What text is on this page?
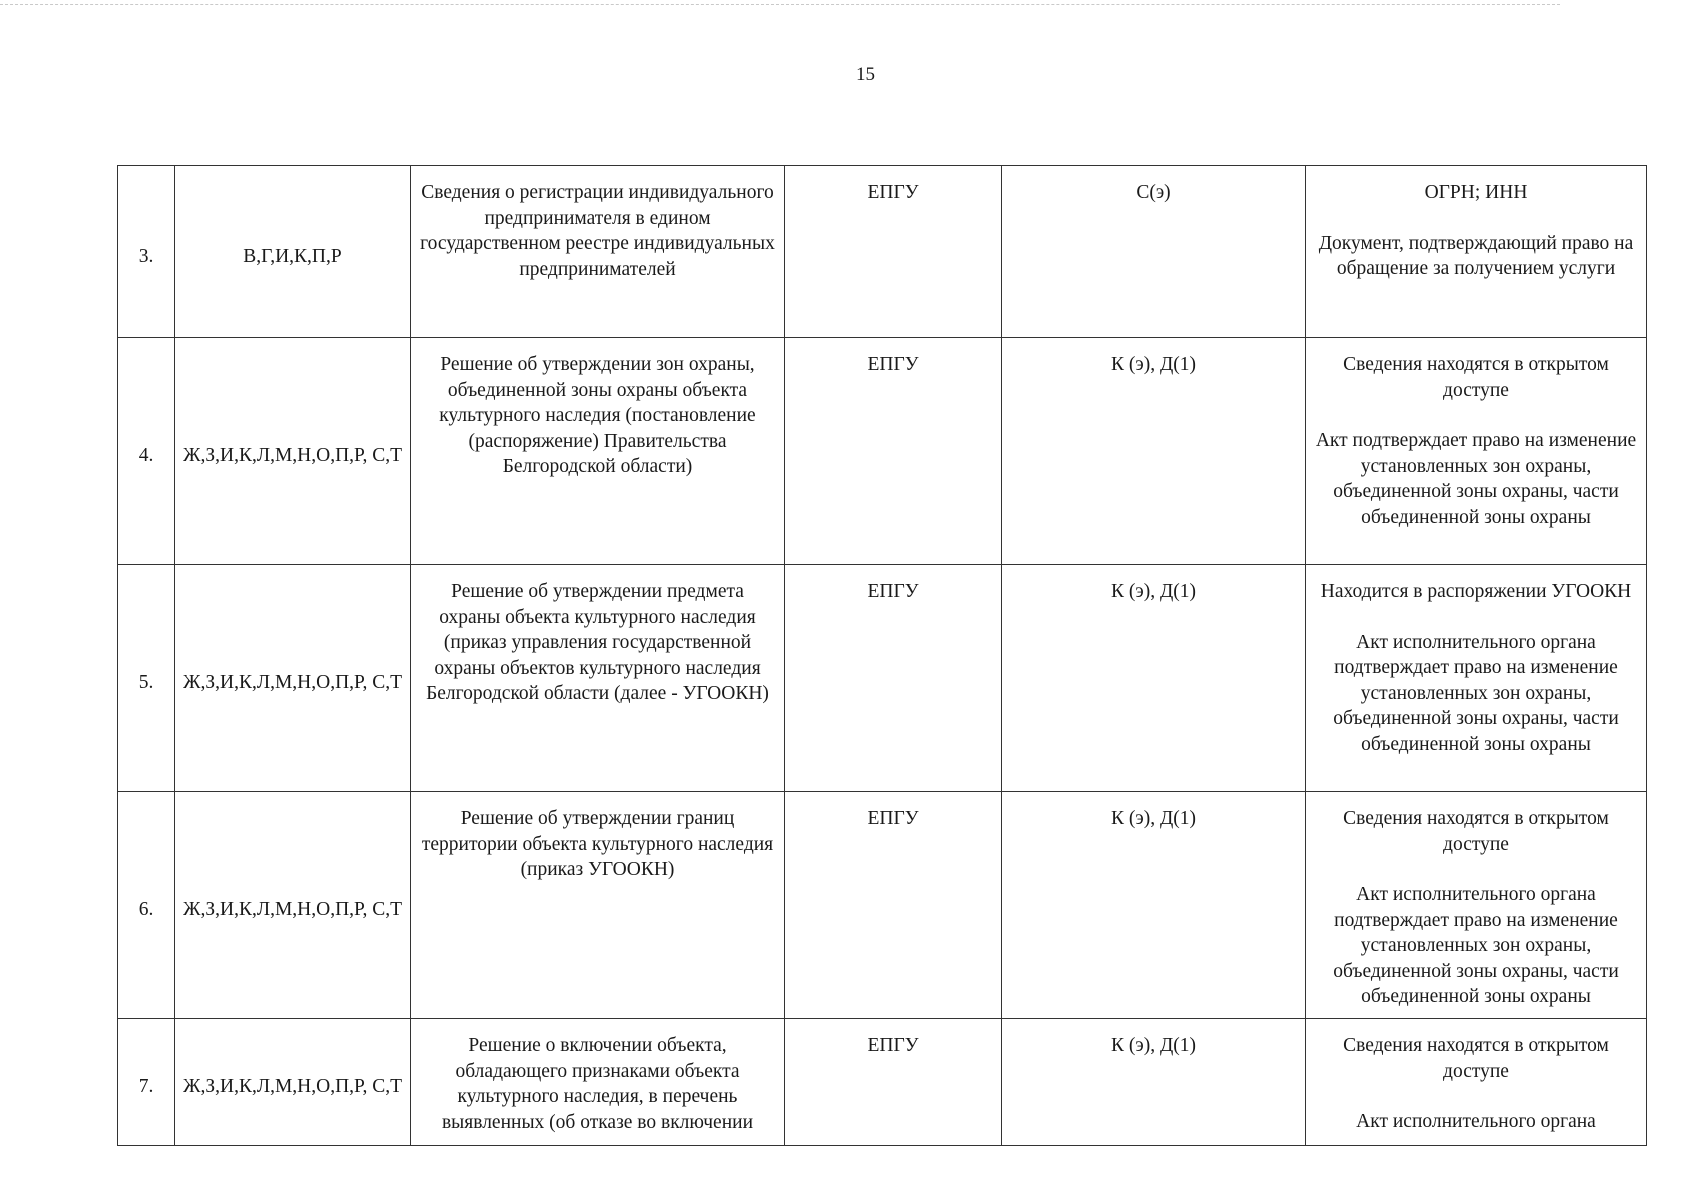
15
3.	В,Г,И,К,П,Р	Сведения о регистрации индивидуального предпринимателя в едином государственном реестре индивидуальных предпринимателей	ЕПГУ	С(э)	ОГРН; ИНН
Документ, подтверждающий право на обращение за получением услуги

4.	Ж,З,И,К,Л,М,Н,О,П,Р, С,Т	Решение об утверждении зон охраны, объединенной зоны охраны объекта культурного наследия (постановление (распоряжение) Правительства Белгородской области)	ЕПГУ	К (э), Д(1)	Сведения находятся в открытом доступе
Акт подтверждает право на изменение установленных зон охраны, объединенной зоны охраны, части объединенной зоны охраны

5.	Ж,З,И,К,Л,М,Н,О,П,Р, С,Т	Решение об утверждении предмета охраны объекта культурного наследия (приказ управления государственной охраны объектов культурного наследия Белгородской области (далее - УГООКН)	ЕПГУ	К (э), Д(1)	Находится в распоряжении УГООКН
Акт исполнительного органа подтверждает право на изменение установленных зон охраны, объединенной зоны охраны, части объединенной зоны охраны

6.	Ж,З,И,К,Л,М,Н,О,П,Р, С,Т	Решение об утверждении границ территории объекта культурного наследия (приказ УГООКН)	ЕПГУ	К (э), Д(1)	Сведения находятся в открытом доступе
Акт исполнительного органа подтверждает право на изменение установленных зон охраны, объединенной зоны охраны, части объединенной зоны охраны

7.	Ж,З,И,К,Л,М,Н,О,П,Р, С,Т	Решение о включении объекта, обладающего признаками объекта культурного наследия, в перечень выявленных (об отказе во включении	ЕПГУ	К (э), Д(1)	Сведения находятся в открытом доступе
Акт исполнительного органа
